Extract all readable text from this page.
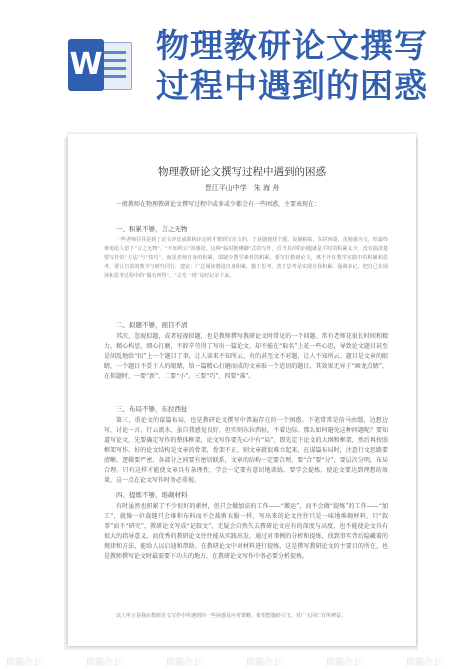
W 物理教研论文撰写
过程中遇到的困惑
物理教研论文撰写过程中遇到的困惑
晋江平山中学　朱 海 舟

一般教师在物理教研论文撰写过程中或多或少都会有一些困惑，主要表现在：

一、积累不够，言之无物

一些老师往往是到了论文评比或职称评定时才想到写论文的，于是随便找个题，复制粘贴，东拼西凑，虽勉强为文，但最终难免给人留下“言之无物”、“不知所云”的感觉。这种“临时抱佛脚”式的写作，首当其冲的问题就是平时的积累太少，没有搞清楚要写作的“方法”与“技巧”，而是老师自身的积累，即缺少教学素材的积累。要写好教研论文，离不开在教学实践中的积累和思考，要让日常的教学与研究同行，建议：广泛阅读增进自身积累，勤于思考，善于思考是实现自我积累、强调多记，把自己在阅读和思考过程中的“偶有所得”、“灵光一现”及时记录下来。

二、拟题不够，面目不清

其次，忽视拟题，或者轻视拟题，也是教师撰写教研论文时常见的一个问题。常有老师花很长时间和精力，精心构思，细心打磨，不辞辛劳得了写出一篇论文，却不能在“取名”上花一些心思，导致论文题目甚至是胡乱地给“扣”上一个题目了事，让人读来不知所云，有的甚至文不对题，让人不知所云。题目是文章的眼睛，一个题目不妥于人的眼睛，给一篇精心打磨而成的文章取一个适切的题目，其效果无异于“画龙点睛”，在拟题时，一要“新”、二要“小”、三要“巧”、四要“准”。

三、布局不够，东拉西扯

第三，重论文的谋篇布局，也是教研论文撰写中普遍存在的一个困惑。下笔常常是信马由缰，边想边写，讨论一言，行云流水，虽自我感觉良好，但实则东拉西扯，不着边际。那么如何避免这种问题呢？要知道写论文，先要确定写作的整体框架，论文写作要先心中有“局”，即先定下论文的大纲和框架，然后再按照框架写作。好的论文结构是文章的骨架，骨架不正，则文章就很难立起来，在谋篇布局时，注意行文思路要清晰，逻辑要严密，各部分之间要有密切联系，文章的结构一定要合理，要“合”要“分”，要层次分明，布局合理。只有这样才能使文章具有条理性，学会一定要有意识地训练，要学会提炼，使论文要达到理想的效果，这一点在论文写作时务必重视。

四、提炼不够，堆砌材料

有时虽然也积累了不少很好的素材，但只会做加法的工作——“搬运”，而不会做“提炼”的工作——“加工”，就像一位裁缝只会堆积布料而不会裁剪衣服一样，写出来的论文往往只是一味地堆砌材料，只“叙事”而不“研究”，教研论文写成“记叙文”，无疑会自然失去教研论文应有的深度与高度，也不能使论文具有很大的指导意义。而优秀的教研论文往往能从实践出发，通过对事例的分析和提炼，找到事实背后隐藏着的规律和方法，能给人以启迪和帮助。在教研论文中对材料进行提炼，这是撰写教研论文的主要目的所在，也是教师撰写论文时最需要下功夫的地方，在教研论文写作中务必要分析提炼。

以上所言是我在教研论文写作中所遇到的一些困惑及应对策略，希望能抛砖引玉，对广大同仁有所裨益。

熊猫办公	熊猫办公	熊猫办公	熊猫办公	熊猫办公	熊猫办公
